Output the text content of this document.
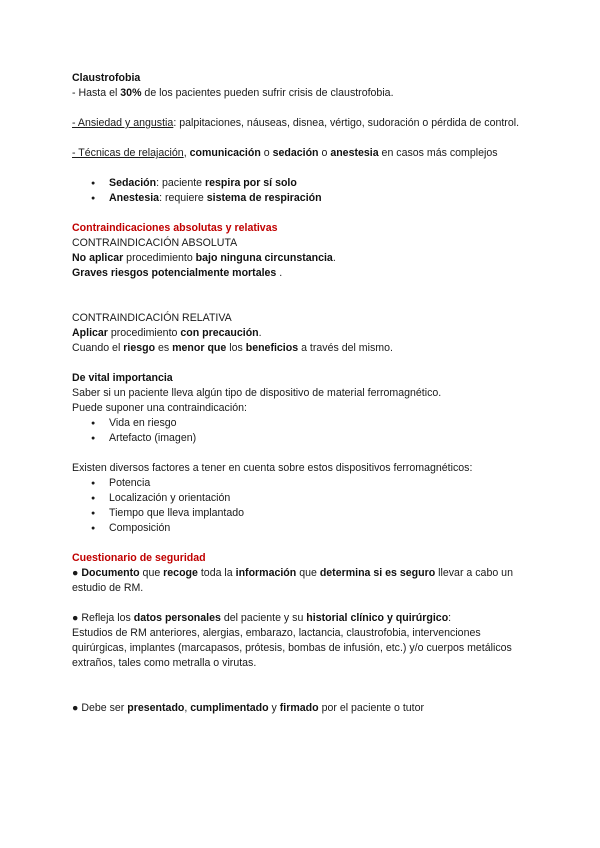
Claustrofobia

- Hasta el 30% de los pacientes pueden sufrir crisis de claustrofobia.

- Ansiedad y angustia: palpitaciones, náuseas, disnea, vértigo, sudoración o pérdida de control.

- Técnicas de relajación, comunicación o sedación o anestesia en casos más complejos

● Sedación: paciente respira por sí solo
● Anestesia: requiere sistema de respiración

Contraindicaciones absolutas y relativas

CONTRAINDICACIÓN ABSOLUTA

No aplicar procedimiento bajo ninguna circunstancia.

Graves riesgos potencialmente mortales .

CONTRAINDICACIÓN RELATIVA

Aplicar procedimiento con precaución.

Cuando el riesgo es menor que los beneficios a través del mismo.

De vital importancia

Saber si un paciente lleva algún tipo de dispositivo de material ferromagnético.

Puede suponer una contraindicación:

● Vida en riesgo
● Artefacto (imagen)

Existen diversos factores a tener en cuenta sobre estos dispositivos ferromagnéticos:

● Potencia
● Localización y orientación
● Tiempo que lleva implantado
● Composición

Cuestionario de seguridad

● Documento que recoge toda la información que determina si es seguro llevar a cabo un estudio de RM.

● Refleja los datos personales del paciente y su historial clínico y quirúrgico:

Estudios de RM anteriores, alergias, embarazo, lactancia, claustrofobia, intervenciones quirúrgicas, implantes (marcapasos, prótesis, bombas de infusión, etc.) y/o cuerpos metálicos extraños, tales como metralla o virutas.

● Debe ser presentado, cumplimentado y firmado por el paciente o tutor
